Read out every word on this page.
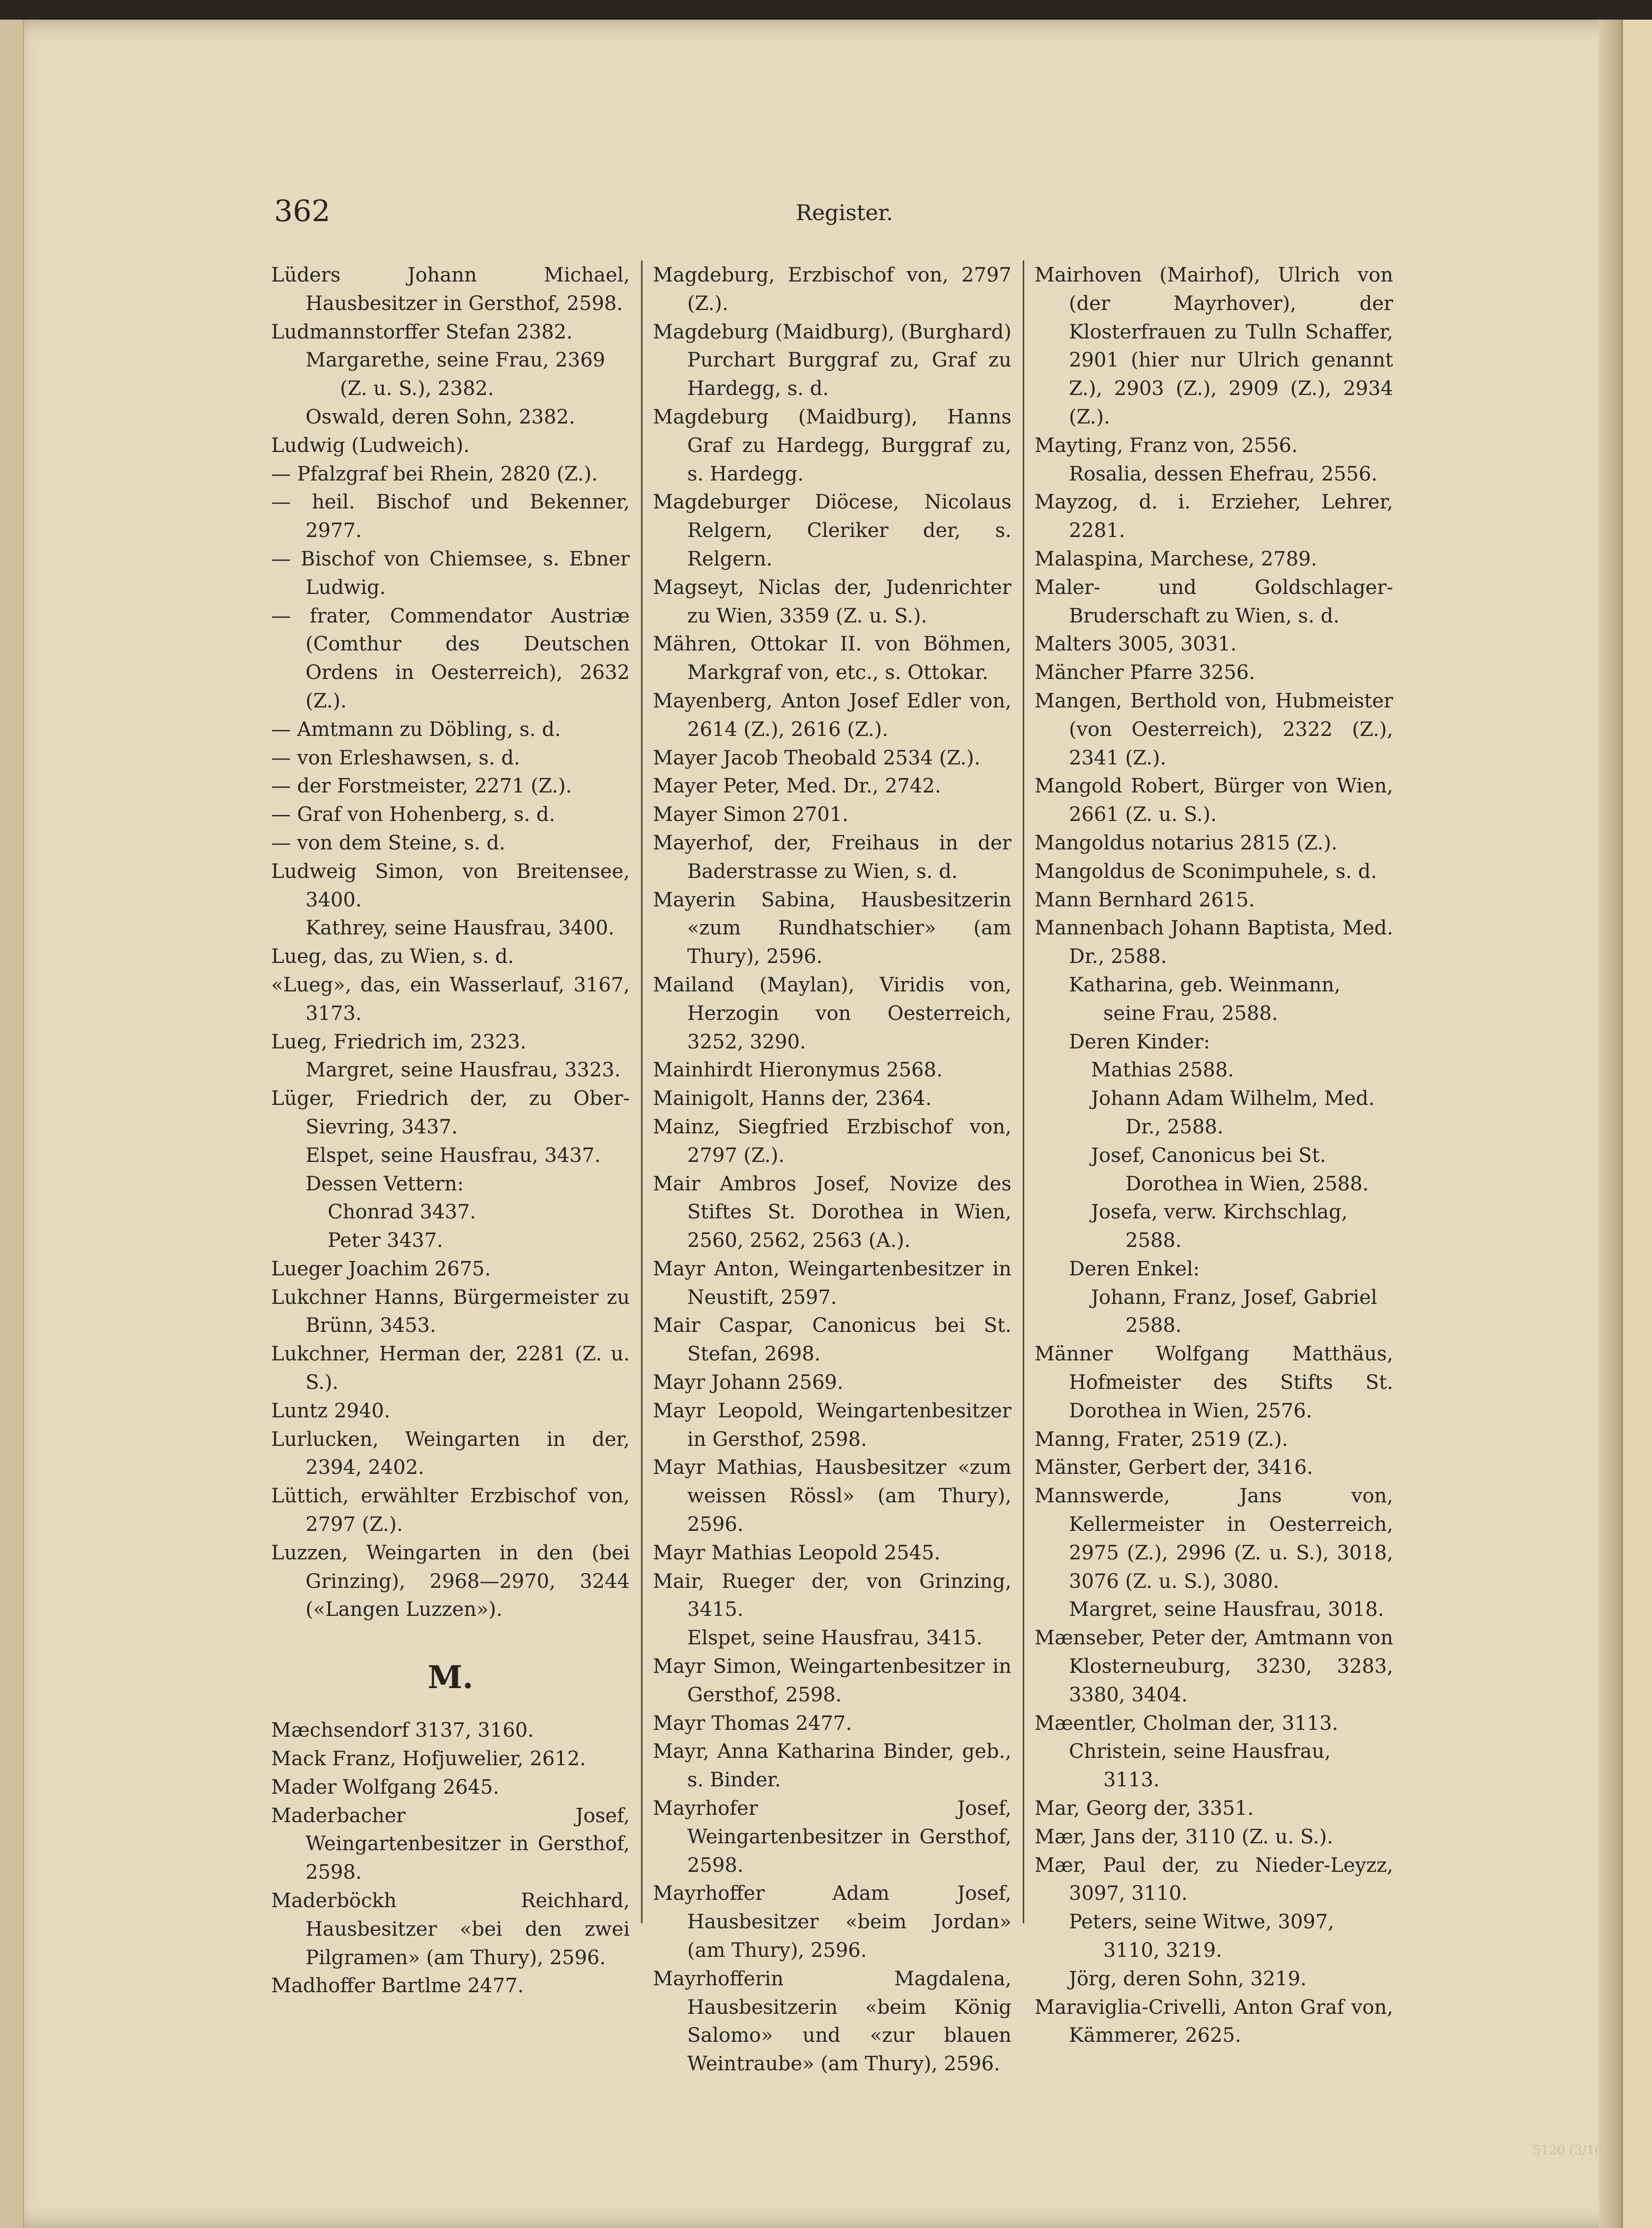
362	Register.
Lüders Johann Michael, Hausbesitzer in Gersthof, 2598.
Ludmannstorffer Stefan 2382.
Margarethe, seine Frau, 2369 (Z. u. S.), 2382.
Oswald, deren Sohn, 2382.
Ludwig (Ludweich).
— Pfalzgraf bei Rhein, 2820 (Z.).
— heil. Bischof und Bekenner, 2977.
— Bischof von Chiemsee, s. Ebner Ludwig.
— frater, Commendator Austriæ (Comthur des Deutschen Ordens in Oesterreich), 2632 (Z.).
— Amtmann zu Döbling, s. d.
— von Erleshawsen, s. d.
— der Forstmeister, 2271 (Z.).
— Graf von Hohenberg, s. d.
— von dem Steine, s. d.
Ludweig Simon, von Breitensee, 3400.
Kathrey, seine Hausfrau, 3400.
Lueg, das, zu Wien, s. d.
«Lueg», das, ein Wasserlauf, 3167, 3173.
Lueg, Friedrich im, 2323.
Margret, seine Hausfrau, 3323.
Lüger, Friedrich der, zu Ober-Sievring, 3437.
Elspet, seine Hausfrau, 3437.
Dessen Vettern:
Chonrad 3437.
Peter 3437.
Lueger Joachim 2675.
Lukchner Hanns, Bürgermeister zu Brünn, 3453.
Lukchner, Herman der, 2281 (Z. u. S.).
Luntz 2940.
Lurlucken, Weingarten in der, 2394, 2402.
Lüttich, erwählter Erzbischof von, 2797 (Z.).
Luzzen, Weingarten in den (bei Grinzing), 2968—2970, 3244 («Langen Luzzen»).
M.
Mæchsendorf 3137, 3160.
Mack Franz, Hofjuwelier, 2612.
Mader Wolfgang 2645.
Maderbacher Josef, Weingartenbesitzer in Gersthof, 2598.
Maderböckh Reichhard, Hausbesitzer «bei den zwei Pilgramen» (am Thury), 2596.
Madhoffer Bartlme 2477.
Magdeburg, Erzbischof von, 2797 (Z.).
Magdeburg (Maidburg), (Burghard) Purchart Burggraf zu, Graf zu Hardegg, s. d.
Magdeburg (Maidburg), Hanns Graf zu Hardegg, Burggraf zu, s. Hardegg.
Magdeburger Diöcese, Nicolaus Relgern, Cleriker der, s. Relgern.
Magseyt, Niclas der, Judenrichter zu Wien, 3359 (Z. u. S.).
Mähren, Ottokar II. von Böhmen, Markgraf von, etc., s. Ottokar.
Mayenberg, Anton Josef Edler von, 2614 (Z.), 2616 (Z.).
Mayer Jacob Theobald 2534 (Z.).
Mayer Peter, Med. Dr., 2742.
Mayer Simon 2701.
Mayerhof, der, Freihaus in der Baderstrasse zu Wien, s. d.
Mayerin Sabina, Hausbesitzerin «zum Rundhatschier» (am Thury), 2596.
Mailand (Maylan), Viridis von, Herzogin von Oesterreich, 3252, 3290.
Mainhirdt Hieronymus 2568.
Mainigolt, Hanns der, 2364.
Mainz, Siegfried Erzbischof von, 2797 (Z.).
Mair Ambros Josef, Novize des Stiftes St. Dorothea in Wien, 2560, 2562, 2563 (A.).
Mayr Anton, Weingartenbesitzer in Neustift, 2597.
Mair Caspar, Canonicus bei St. Stefan, 2698.
Mayr Johann 2569.
Mayr Leopold, Weingartenbesitzer in Gersthof, 2598.
Mayr Mathias, Hausbesitzer «zum weissen Rössl» (am Thury), 2596.
Mayr Mathias Leopold 2545.
Mair, Rueger der, von Grinzing, 3415.
Elspet, seine Hausfrau, 3415.
Mayr Simon, Weingartenbesitzer in Gersthof, 2598.
Mayr Thomas 2477.
Mayr, Anna Katharina Binder, geb., s. Binder.
Mayrhofer Josef, Weingartenbesitzer in Gersthof, 2598.
Mayrhoffer Adam Josef, Hausbesitzer «beim Jordan» (am Thury), 2596.
Mayrhofferin Magdalena, Hausbesitzerin «beim König Salomo» und «zur blauen Weintraube» (am Thury), 2596.
Mairhoven (Mairhof), Ulrich von (der Mayrhover), der Klosterfrauen zu Tulln Schaffer, 2901 (hier nur Ulrich genannt Z.), 2903 (Z.), 2909 (Z.), 2934 (Z.).
Mayting, Franz von, 2556.
Rosalia, dessen Ehefrau, 2556.
Mayzog, d. i. Erzieher, Lehrer, 2281.
Malaspina, Marchese, 2789.
Maler- und Goldschlager-Bruderschaft zu Wien, s. d.
Malters 3005, 3031.
Mäncher Pfarre 3256.
Mangen, Berthold von, Hubmeister (von Oesterreich), 2322 (Z.), 2341 (Z.).
Mangold Robert, Bürger von Wien, 2661 (Z. u. S.).
Mangoldus notarius 2815 (Z.).
Mangoldus de Sconimpuhele, s. d.
Mann Bernhard 2615.
Mannenbach Johann Baptista, Med. Dr., 2588.
Katharina, geb. Weinmann, seine Frau, 2588.
Deren Kinder:
Mathias 2588.
Johann Adam Wilhelm, Med. Dr., 2588.
Josef, Canonicus bei St. Dorothea in Wien, 2588.
Josefa, verw. Kirchschlag, 2588.
Deren Enkel:
Johann, Franz, Josef, Gabriel 2588.
Männer Wolfgang Matthäus, Hofmeister des Stifts St. Dorothea in Wien, 2576.
Manng, Frater, 2519 (Z.).
Mänster, Gerbert der, 3416.
Mannswerde, Jans von, Kellermeister in Oesterreich, 2975 (Z.), 2996 (Z. u. S.), 3018, 3076 (Z. u. S.), 3080.
Margret, seine Hausfrau, 3018.
Mænseber, Peter der, Amtmann von Klosterneuburg, 3230, 3283, 3380, 3404.
Mæentler, Cholman der, 3113.
Christein, seine Hausfrau, 3113.
Mar, Georg der, 3351.
Mær, Jans der, 3110 (Z. u. S.).
Mær, Paul der, zu Nieder-Leyzz, 3097, 3110.
Peters, seine Witwe, 3097, 3110, 3219.
Jörg, deren Sohn, 3219.
Maraviglia-Crivelli, Anton Graf von, Kämmerer, 2625.
5120 (3/16)
